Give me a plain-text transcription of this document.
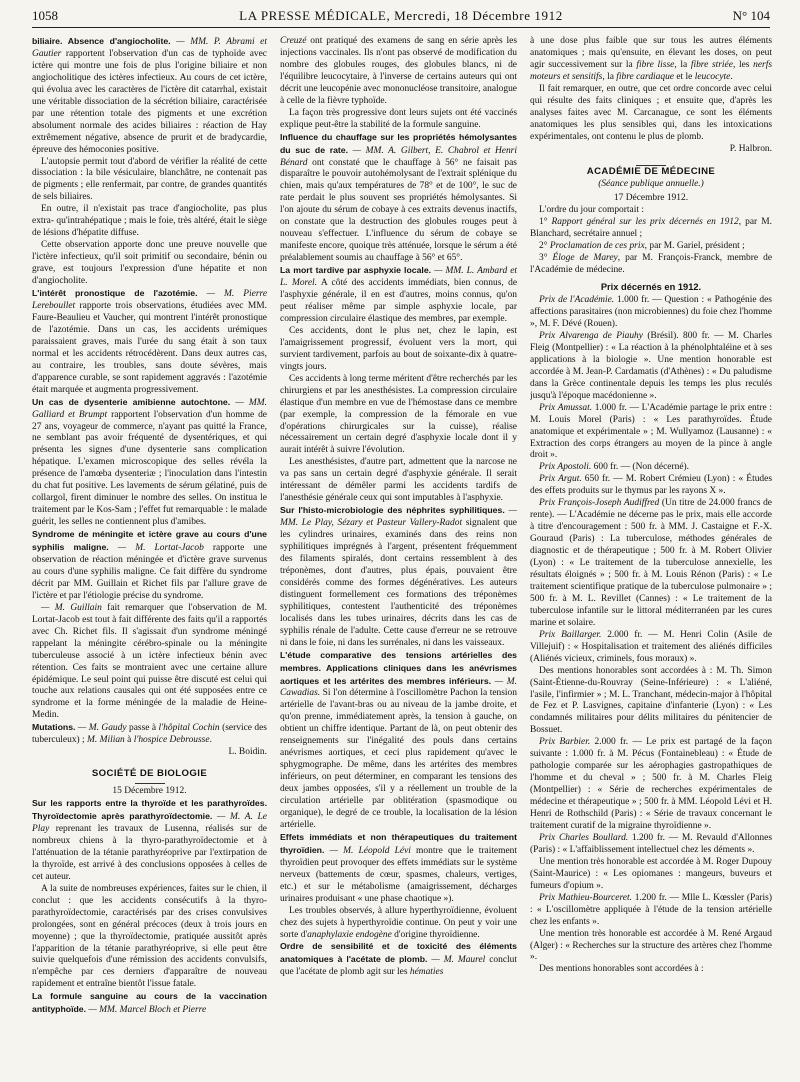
1058	LA PRESSE MÉDICALE, Mercredi, 18 Décembre 1912	N° 104

biliaire. Absence d'angiocholite. — MM. P. Abrami et Gautier rapportent l'observation d'un cas de typhoïde avec ictère qui montre une fois de plus l'origine biliaire et non angiocholitique des ictères infectieux. Au cours de cet ictère, qui évolua avec les caractères de l'ictère dit catarrhal, existait une véritable dissociation de la sécrétion biliaire, caractérisée par une rétention totale des pigments et une excrétion absolument normale des acides biliaires : réaction de Hay extrêmement négative, absence de prurit et de bradycardie, épreuve des hémoconies positive.

L'autopsie permit tout d'abord de vérifier la réalité de cette dissociation : la bile vésiculaire, blanchâtre, ne contenait pas de pigments ; elle renfermait, par contre, de grandes quantités de sels biliaires.

En outre, il n'existait pas trace d'angiocholite, pas plus extra- qu'intrahépatique ; mais le foie, très altéré, était le siège de lésions d'hépatite diffuse.

Cette observation apporte donc une preuve nouvelle que l'ictère infectieux, qu'il soit primitif ou secondaire, bénin ou grave, est toujours l'expression d'une hépatite et non d'angiocholite.

L'intérêt pronostique de l'azotémie. — M. Pierre Lereboullet rapporte trois observations, étudiées avec MM. Faure-Beaulieu et Vaucher, qui montrent l'intérêt pronostique de l'azotémie. Dans un cas, les accidents urémiques paraissaient graves, mais l'urée du sang était à son taux normal et les accidents rétrocédèrent. Dans deux autres cas, au contraire, les troubles, sans doute sévères, mais d'apparence curable, se sont rapidement aggravés : l'azotémie était marquée et augmenta progressivement.

Un cas de dysenterie amibienne autochtone. — MM. Galliard et Brumpt rapportent l'observation d'un homme de 27 ans, voyageur de commerce, n'ayant pas quitté la France, ne semblant pas avoir fréquenté de dysentériques, et qui présenta les signes d'une dysenterie sans complication hépatique. L'examen microscopique des selles révéla la présence de l'amœba dysenteriæ ; l'inoculation dans l'intestin du chat fut positive. Les lavements de sérum gélatiné, puis de collargol, firent diminuer le nombre des selles. On institua le traitement par le Kos-Sam ; l'effet fut remarquable : le malade guérit, les selles ne contiennent plus d'amibes.

Syndrome de méningite et ictère grave au cours d'une syphilis maligne. — M. Lortat-Jacob rapporte une observation de réaction méningée et d'ictère grave survenus au cours d'une syphilis maligne. Ce fait diffère du syndrome décrit par MM. Guillain et Richet fils par l'allure grave de l'ictère et par l'étiologie précise du syndrome.

— M. Guillain fait remarquer que l'observation de M. Lortat-Jacob est tout à fait différente des faits qu'il a rapportés avec Ch. Richet fils. Il s'agissait d'un syndrome méningé rappelant la méningite cérébro-spinale ou la méningite tuberculeuse associé à un ictère infectieux bénin avec rétention. Ces faits se montraient avec une certaine allure épidémique. Le seul point qui puisse être discuté est celui qui touche aux relations causales qui ont été supposées entre ce syndrome et la forme méningée de la maladie de Heine-Medin.

Mutations. — M. Gaudy passe à l'hôpital Cochin (service des tuberculeux) ; M. Milian à l'hospice Debrousse.

L. Boidin.
SOCIÉTÉ DE BIOLOGIE
15 Décembre 1912.

Sur les rapports entre la thyroïde et les parathyroïdes. Thyroïdectomie après parathyroïdectomie. — M. A. Le Play reprenant les travaux de Lusenna, réalisés sur de nombreux chiens à la thyro-parathyroïdectomie et à l'atténuation de la tétanie parathyréoprive par l'extirpation de la thyroïde, est arrivé à des conclusions opposées à celles de cet auteur.

A la suite de nombreuses expériences, faites sur le chien, il conclut : que les accidents consécutifs à la thyro-parathyroïdectomie, caractérisés par des crises convulsives prolongées, sont en général précoces (deux à trois jours en moyenne) ; que la thyroïdectomie, pratiquée aussitôt après l'apparition de la tétanie parathyréoprive, si elle peut être suivie quelquefois d'une rémission des accidents convulsifs, n'empêche par ces derniers d'apparaître de nouveau rapidement et entraîne bientôt l'issue fatale.

La formule sanguine au cours de la vaccination antityphoïde. — MM. Marcel Bloch et Pierre

Creuzé ont pratiqué des examens de sang en série après les injections vaccinales. Ils n'ont pas observé de modification du nombre des globules rouges, des globules blancs, ni de l'équilibre leucocytaire, à l'inverse de certains auteurs qui ont décrit une leucopénie avec mononucléose transitoire, analogue à celle de la fièvre typhoïde.

La façon très progressive dont leurs sujets ont été vaccinés explique peut-être la stabilité de la formule sanguine.

Influence du chauffage sur les propriétés hémolysantes du suc de rate. — MM. A. Gilbert, E. Chabrol et Henri Bénard ont constaté que le chauffage à 56° ne faisait pas disparaître le pouvoir autohémolysant de l'extrait splénique du chien, mais qu'aux températures de 78° et de 100°, le suc de rate perdait le plus souvent ses propriétés hémolysantes. Si l'on ajoute du sérum de cobaye à ces extraits devenus inactifs, on constate que la destruction des globules rouges peut à nouveau s'effectuer. L'influence du sérum de cobaye se manifeste encore, quoique très atténuée, lorsque le sérum a été préalablement soumis au chauffage à 56° et 65°.

La mort tardive par asphyxie locale. — MM. L. Ambard et L. Morel. A côté des accidents immédiats, bien connus, de l'asphyxie générale, il en est d'autres, moins connus, qu'on peut réaliser même par simple asphyxie locale, par compression circulaire élastique des membres, par exemple.

Ces accidents, dont le plus net, chez le lapin, est l'amaigrissement progressif, évoluent vers la mort, qui survient tardivement, parfois au bout de soixante-dix à quatre-vingts jours.

Ces accidents à long terme méritent d'être recherchés par les chirurgiens et par les anesthésistes. La compression circulaire élastique d'un membre en vue de l'hémostase dans ce membre (par exemple, la compression de la fémorale en vue d'opérations chirurgicales sur la cuisse), réalise nécessairement un certain degré d'asphyxie locale dont il y aurait intérêt à suivre l'évolution.

Les anesthésistes, d'autre part, admettent que la narcose ne va pas sans un certain degré d'asphyxie générale. Il serait intéressant de démêler parmi les accidents tardifs de l'anesthésie générale ceux qui sont imputables à l'asphyxie.

Sur l'histo-microbiologie des néphrites syphilitiques. — MM. Le Play, Sézary et Pasteur Vallery-Radot signalent que les cylindres urinaires, examinés dans des reins non syphilitiques imprégnés à l'argent, présentent fréquemment des filaments spiralés, dont certains ressemblent à des tréponèmes, dont d'autres, plus épais, pouvaient être considérés comme des formes dégénératives. Les auteurs distinguent formellement ces formations des tréponèmes syphilitiques, contestent l'authenticité des tréponèmes localisés dans les tubes urinaires, décrits dans les cas de syphilis rénale de l'adulte. Cette cause d'erreur ne se retrouve ni dans le foie, ni dans les surrénales, ni dans les vaisseaux.

L'étude comparative des tensions artérielles des membres. Applications cliniques dans les anévrismes aortiques et les artérites des membres inférieurs. — M. Cawadias. Si l'on détermine à l'oscillomètre Pachon la tension artérielle de l'avant-bras ou au niveau de la jambe droite, et qu'on prenne, immédiatement après, la tension à gauche, on obtient un chiffre identique. Partant de là, on peut obtenir des renseignements sur l'inégalité des pouls dans certains anévrismes aortiques, et ceci plus rapidement qu'avec le sphygmographe. De même, dans les artérites des membres inférieurs, on peut déterminer, en comparant les tensions des deux jambes opposées, s'il y a réellement un trouble de la circulation artérielle par oblitération (spasmodique ou organique), le degré de ce trouble, la localisation de la lésion artérielle.

Effets immédiats et non thérapeutiques du traitement thyroïdien. — M. Léopold Lévi montre que le traitement thyroïdien peut provoquer des effets immédiats sur le système nerveux (battements de cœur, spasmes, chaleurs, vertiges, etc.) et sur le métabolisme (amaigrissement, décharges urinaires produisant « une phase chaotique »).

Les troubles observés, à allure hyperthyroïdienne, évoluent chez des sujets à hyperthyroïdie continue. On peut y voir une sorte d'anaphylaxie endogène d'origine thyroïdienne.

Ordre de sensibilité et de toxicité des éléments anatomiques à l'acétate de plomb. — M. Maurel conclut que l'acétate de plomb agit sur les hématies

à une dose plus faible que sur tous les autres éléments anatomiques ; mais qu'ensuite, en élevant les doses, on peut agir successivement sur la fibre lisse, la fibre striée, les nerfs moteurs et sensitifs, la fibre cardiaque et le leucocyte.

Il fait remarquer, en outre, que cet ordre concorde avec celui qui résulte des faits cliniques ; et ensuite que, d'après les analyses faites avec M. Carcanague, ce sont les éléments anatomiques les plus sensibles qui, dans les intoxications expérimentales, ont contenu le plus de plomb.

P. Halbron.
ACADÉMIE DE MÉDECINE
(Séance publique annuelle.)
17 Décembre 1912.

L'ordre du jour comportait :

1° Rapport général sur les prix décernés en 1912, par M. Blanchard, secrétaire annuel ;

2° Proclamation de ces prix, par M. Gariel, président ;

3° Éloge de Marey, par M. François-Franck, membre de l'Académie de médecine.

Prix décernés en 1912.

Prix de l'Académie. 1.000 fr. — Question : « Pathogénie des affections parasitaires (non microbiennes) du foie chez l'homme », M. F. Dévé (Rouen).

Prix Alvarenga de Piauhy (Brésil). 800 fr. — M. Charles Fleig (Montpellier) : « La réaction à la phénolphtaléine et à ses applications à la biologie ». Une mention honorable est accordée à M. Jean-P. Cardamatis (d'Athènes) : « Du paludisme dans la Grèce continentale depuis les temps les plus reculés jusqu'à l'époque macédonienne ».

Prix Amussat. 1.000 fr. — L'Académie partage le prix entre : M. Louis Morel (Paris) : « Les parathyroïdes. Étude anatomique et expérimentale » ; M. Wullyamoz (Lausanne) : « Extraction des corps étrangers au moyen de la pince à angle droit ».

Prix Apostoli. 600 fr. — (Non décerné).

Prix Argut. 650 fr. — M. Robert Crémieu (Lyon) : « Études des effets produits sur le thymus par les rayons X ».

Prix François-Joseph Audiffred (Un titre de 24.000 francs de rente). — L'Académie ne décerne pas le prix, mais elle accorde à titre d'encouragement : 500 fr. à MM. J. Castaigne et F.-X. Gouraud (Paris) : La tuberculose, méthodes générales de diagnostic et de thérapeutique ; 500 fr. à M. Robert Olivier (Lyon) : « Le traitement de la tuberculose annexielle, les résultats éloignés » ; 500 fr. à M. Louis Rénon (Paris) : « Le traitement scientifique pratique de la tuberculose pulmonaire » ; 500 fr. à M. L. Revillet (Cannes) : « Le traitement de la tuberculose infantile sur le littoral méditerranéen par les cures marine et solaire.

Prix Baillarger. 2.000 fr. — M. Henri Colin (Asile de Villejuif) : « Hospitalisation et traitement des aliénés difficiles (Aliénés vicieux, criminels, fous moraux) ».

Des mentions honorables sont accordées à : M. Th. Simon (Saint-Étienne-du-Rouvray (Seine-Inférieure) : « L'aliéné, l'asile, l'infirmier » ; M. L. Tranchant, médecin-major à l'hôpital de Fez et P. Lasvignes, capitaine d'infanterie (Lyon) : « Les condamnés militaires pour délits militaires du pénitencier de Bossuet.

Prix Barbier. 2.000 fr. — Le prix est partagé de la façon suivante : 1.000 fr. à M. Pécus (Fontainebleau) : « Étude de pathologie comparée sur les aérophagies gastropathiques de l'homme et du cheval » ; 500 fr. à M. Charles Fleig (Montpellier) : « Série de recherches expérimentales de médecine et thérapeutique » ; 500 fr. à MM. Léopold Lévi et H. Henri de Rothschild (Paris) : « Série de travaux concernant le traitement curatif de la migraine thyroïdienne ».

Prix Charles Boullard. 1.200 fr. — M. Revauld d'Allonnes (Paris) : « L'affaiblissement intellectuel chez les déments ».

Une mention très honorable est accordée à M. Roger Dupouy (Saint-Maurice) : « Les opiomanes : mangeurs, buveurs et fumeurs d'opium ».

Prix Mathieu-Bourceret. 1.200 fr. — Mlle L. Kœssler (Paris) : « L'oscillomètre appliquée à l'étude de la tension artérielle chez les enfants ».

Une mention très honorable est accordée à M. René Argaud (Alger) : « Recherches sur la structure des artères chez l'homme ».

Des mentions honorables sont accordées à :
